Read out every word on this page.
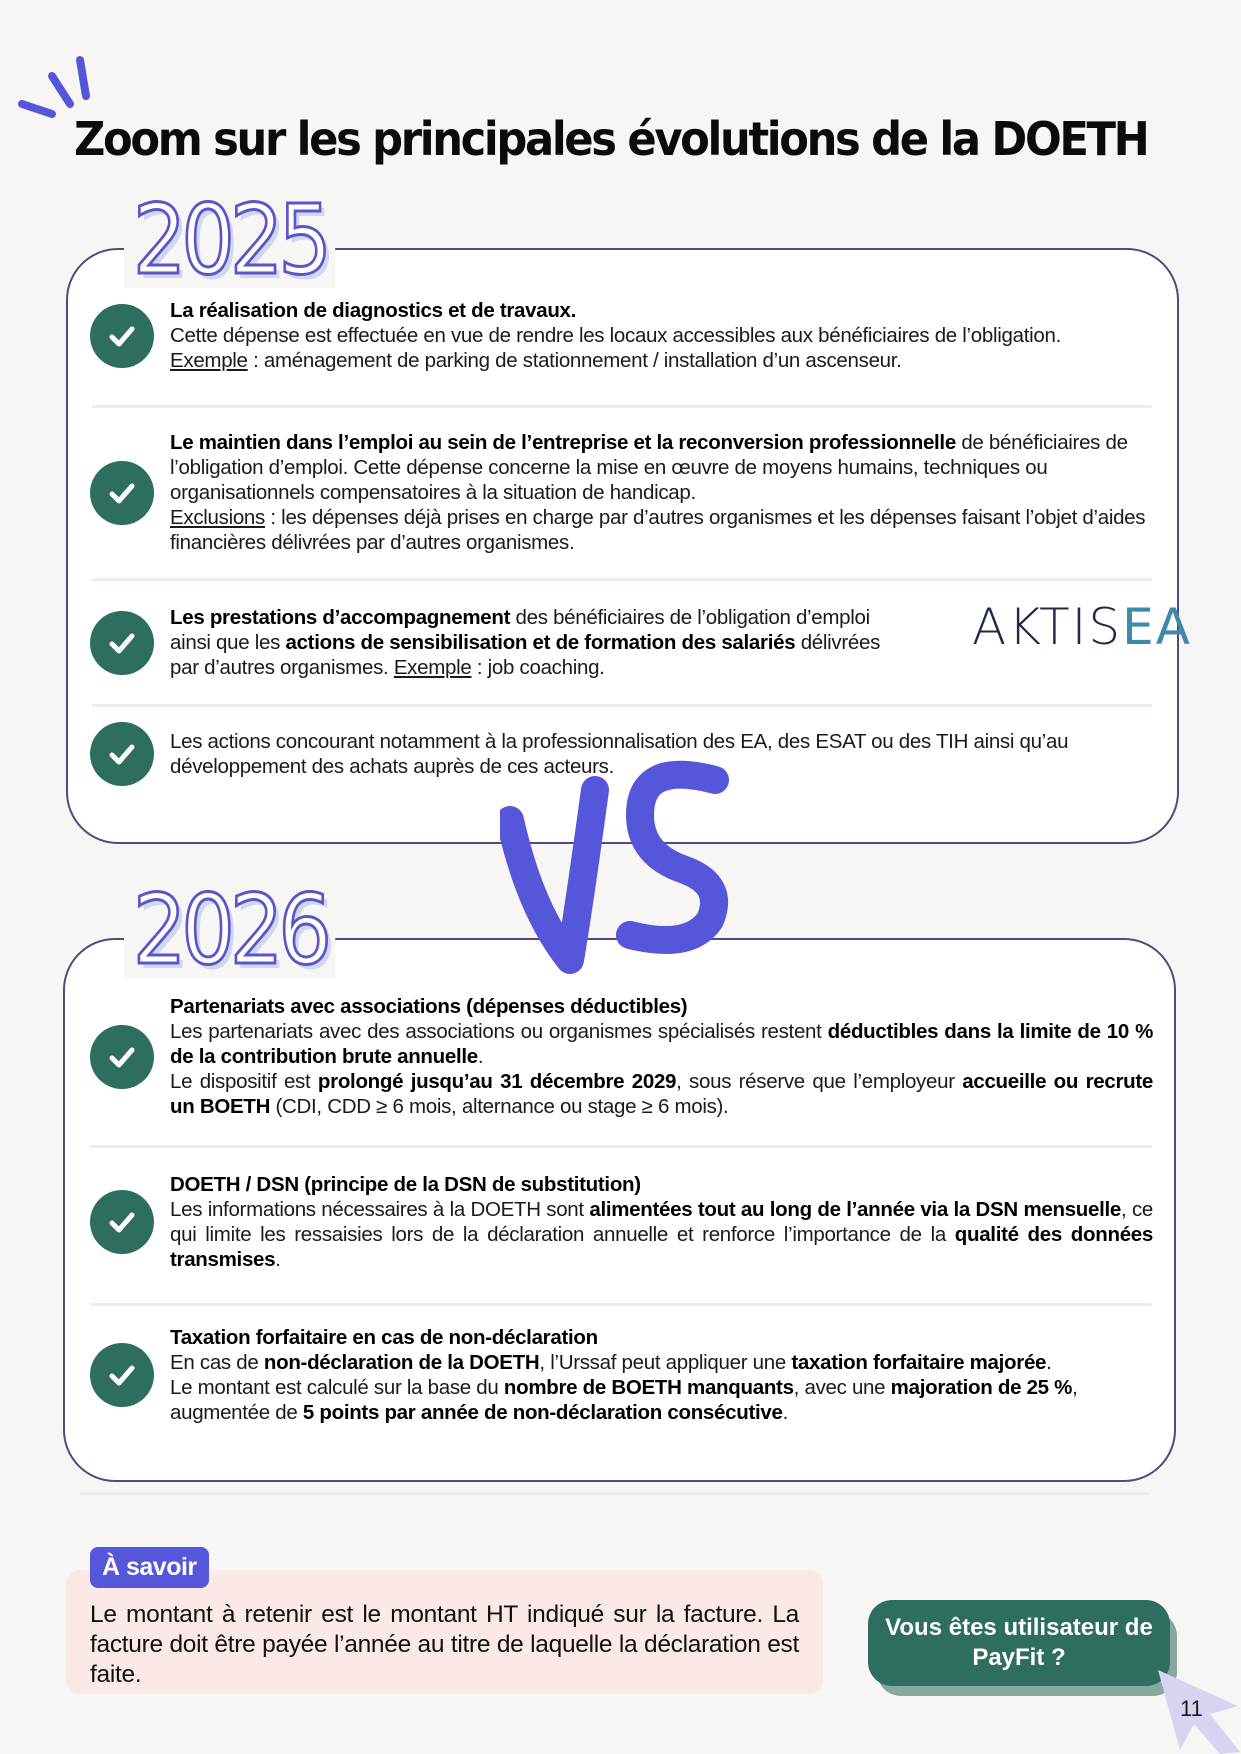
Zoom sur les principales évolutions de la DOETH
2025
La réalisation de diagnostics et de travaux.
Cette dépense est effectuée en vue de rendre les locaux accessibles aux bénéficiaires de l’obligation.
Exemple : aménagement de parking de stationnement / installation d’un ascenseur.
Le maintien dans l’emploi au sein de l’entreprise et la reconversion professionnelle de bénéficiaires de l’obligation d’emploi. Cette dépense concerne la mise en œuvre de moyens humains, techniques ou organisationnels compensatoires à la situation de handicap.
Exclusions : les dépenses déjà prises en charge par d’autres organismes et les dépenses faisant l’objet d’aides financières délivrées par d’autres organismes.
Les prestations d’accompagnement des bénéficiaires de l’obligation d’emploi ainsi que les actions de sensibilisation et de formation des salariés délivrées par d’autres organismes. Exemple : job coaching.
AKTISEA
Les actions concourant notamment à la professionnalisation des EA, des ESAT ou des TIH ainsi qu’au développement des achats auprès de ces acteurs.
2026
Partenariats avec associations (dépenses déductibles)
Les partenariats avec des associations ou organismes spécialisés restent déductibles dans la limite de 10 % de la contribution brute annuelle.
Le dispositif est prolongé jusqu’au 31 décembre 2029, sous réserve que l’employeur accueille ou recrute un BOETH (CDI, CDD ≥ 6 mois, alternance ou stage ≥ 6 mois).
DOETH / DSN (principe de la DSN de substitution)
Les informations nécessaires à la DOETH sont alimentées tout au long de l’année via la DSN mensuelle, ce qui limite les ressaisies lors de la déclaration annuelle et renforce l’importance de la qualité des données transmises.
Taxation forfaitaire en cas de non-déclaration
En cas de non-déclaration de la DOETH, l’Urssaf peut appliquer une taxation forfaitaire majorée.
Le montant est calculé sur la base du nombre de BOETH manquants, avec une majoration de 25 %,
augmentée de 5 points par année de non-déclaration consécutive.

Le montant à retenir est le montant HT indiqué sur la facture. La facture doit être payée l’année au titre de laquelle la déclaration est faite.

À savoir
Vous êtes utilisateur de PayFit ?
11
